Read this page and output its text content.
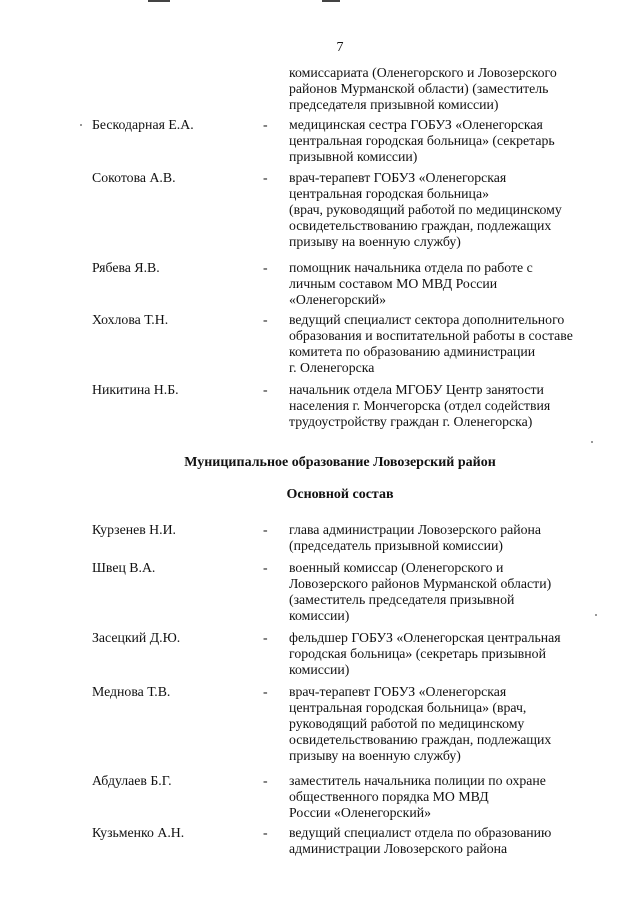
7
комиссариата (Оленегорского и Ловозерского
районов Мурманской области) (заместитель
председателя призывной комиссии)
Бескодарная Е.А.	- медицинская сестра ГОБУЗ «Оленегорская
центральная городская больница» (секретарь
призывной комиссии)
Сокотова А.В.	- врач-терапевт ГОБУЗ «Оленегорская
центральная городская больница»
(врач, руководящий работой по медицинскому
освидетельствованию граждан, подлежащих
призыву на военную службу)
Рябева Я.В.	- помощник начальника отдела по работе с
личным составом МО МВД России
«Оленегорский»
Хохлова Т.Н.	- ведущий специалист сектора дополнительного
образования и воспитательной работы в составе
комитета по образованию администрации
г. Оленегорска
Никитина Н.Б.	- начальник отдела МГОБУ Центр занятости
населения г. Мончегорска (отдел содействия
трудоустройству граждан г. Оленегорска)
Муниципальное образование Ловозерский район
Основной состав
Курзенев Н.И.	- глава администрации Ловозерского района
(председатель призывной комиссии)
Швец В.А.	- военный комиссар (Оленегорского и
Ловозерского районов Мурманской области)
(заместитель председателя призывной
комиссии)
Засецкий Д.Ю.	- фельдшер ГОБУЗ «Оленегорская центральная
городская больница» (секретарь призывной
комиссии)
Меднова Т.В.	- врач-терапевт ГОБУЗ «Оленегорская
центральная городская больница» (врач,
руководящий работой по медицинскому
освидетельствованию граждан, подлежащих
призыву на военную службу)
Абдулаев Б.Г.	- заместитель начальника полиции по охране
общественного порядка МО МВД
России «Оленегорский»
Кузьменко А.Н.	- ведущий специалист отдела по образованию
администрации Ловозерского района
